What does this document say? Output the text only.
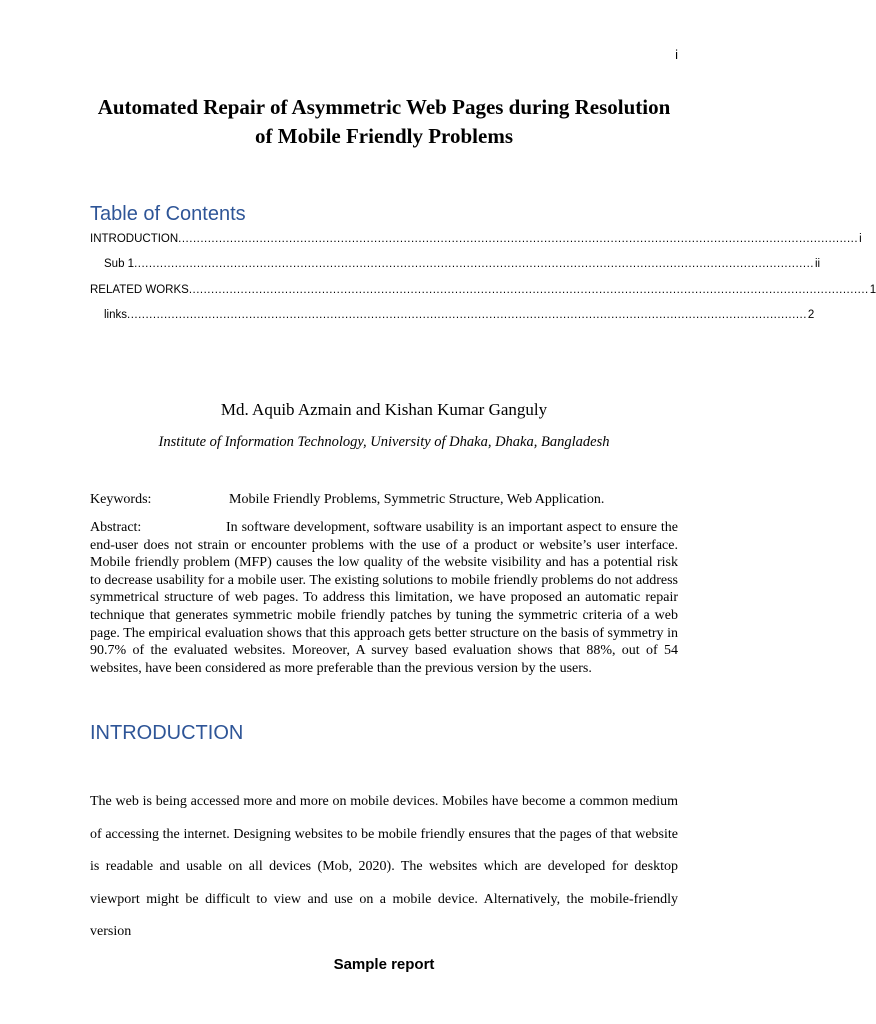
i
Automated Repair of Asymmetric Web Pages during Resolution of Mobile Friendly Problems
Table of Contents
INTRODUCTION ........................................................................................................................................................................................ i
Sub 1 ........................................................................................................................................................................................ ii
RELATED WORKS ........................................................................................................................................................................................ 1
links ........................................................................................................................................................................................ 2
Md. Aquib Azmain and Kishan Kumar Ganguly
Institute of Information Technology, University of Dhaka, Dhaka, Bangladesh
Keywords:	Mobile Friendly Problems, Symmetric Structure, Web Application.
Abstract:	In software development, software usability is an important aspect to ensure the end-user does not strain or encounter problems with the use of a product or website’s user interface. Mobile friendly problem (MFP) causes the low quality of the website visibility and has a potential risk to decrease usability for a mobile user. The existing solutions to mobile friendly problems do not address symmetrical structure of web pages. To address this limitation, we have proposed an automatic repair technique that generates symmetric mobile friendly patches by tuning the symmetric criteria of a web page. The empirical evaluation shows that this approach gets better structure on the basis of symmetry in 90.7% of the evaluated websites. Moreover, A survey based evaluation shows that 88%, out of 54 websites, have been considered as more preferable than the previous version by the users.
INTRODUCTION
The web is being accessed more and more on mobile devices. Mobiles have become a common medium of accessing the internet. Designing websites to be mobile friendly ensures that the pages of that website is readable and usable on all devices (Mob, 2020). The websites which are developed for desktop viewport might be difficult to view and use on a mobile device. Alternatively, the mobile-friendly version
Sample report
